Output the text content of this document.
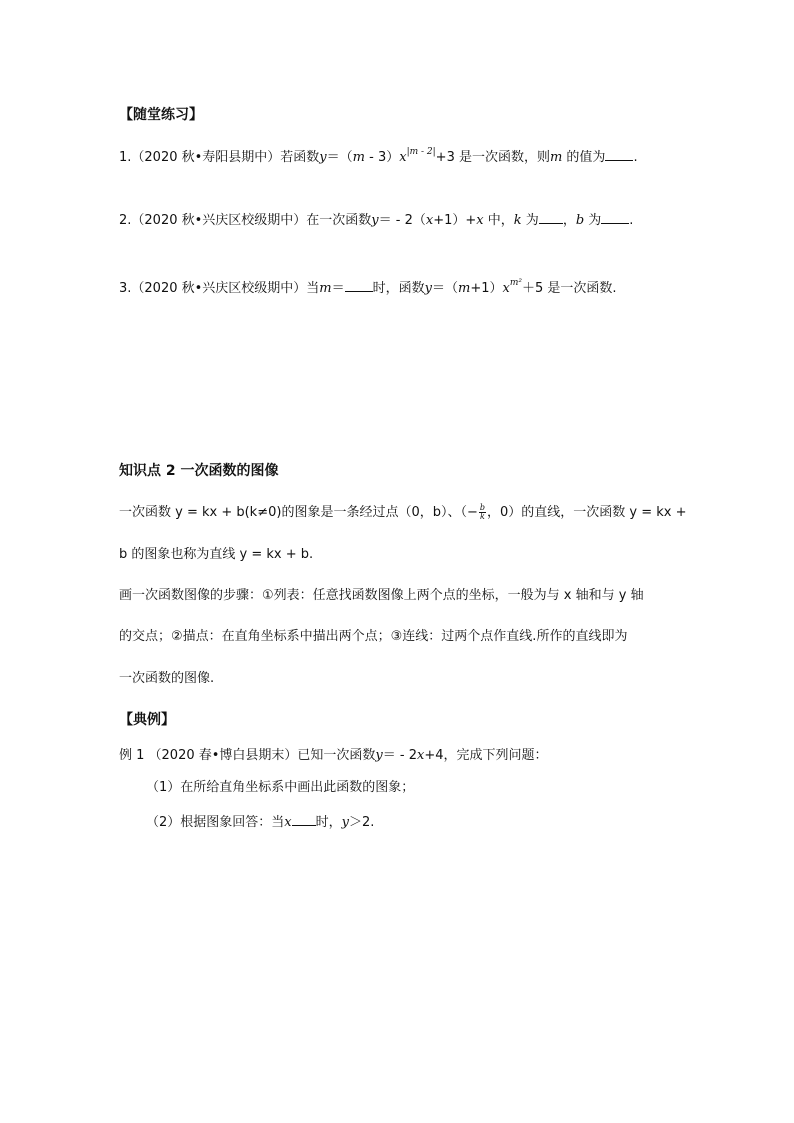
【随堂练习】
1.（2020 秋•寿阳县期中）若函数$y=(m - 3)x^{|m - 2|}+3$ 是一次函数，则m 的值为 .
2.（2020 秋•兴庆区校级期中）在一次函数y＝ - 2（x+1）+x 中，k 为 ，b 为 .
3.（2020 秋•兴庆区校级期中）当m＝ 时，函数$y=(m+1)x^{m^2}+5$ 是一次函数.
知识点 2 一次函数的图像
一次函数 y = kx + b(k≠0)的图象是一条经过点（0，b）、（− $\frac{b}{k}$ ，0）的直线，一次函数 y = kx +
b 的图象也称为直线 y = kx + b.
画一次函数图像的步骤：①列表：任意找函数图像上两个点的坐标，一般为与 x 轴和与 y 轴
的交点；②描点：在直角坐标系中描出两个点；③连线：过两个点作直线.所作的直线即为
一次函数的图像.
【典例】
例 1 （2020 春•博白县期末）已知一次函数y＝ - 2x+4，完成下列问题：
（1）在所给直角坐标系中画出此函数的图象；
（2）根据图象回答：当x 时，y＞2.
